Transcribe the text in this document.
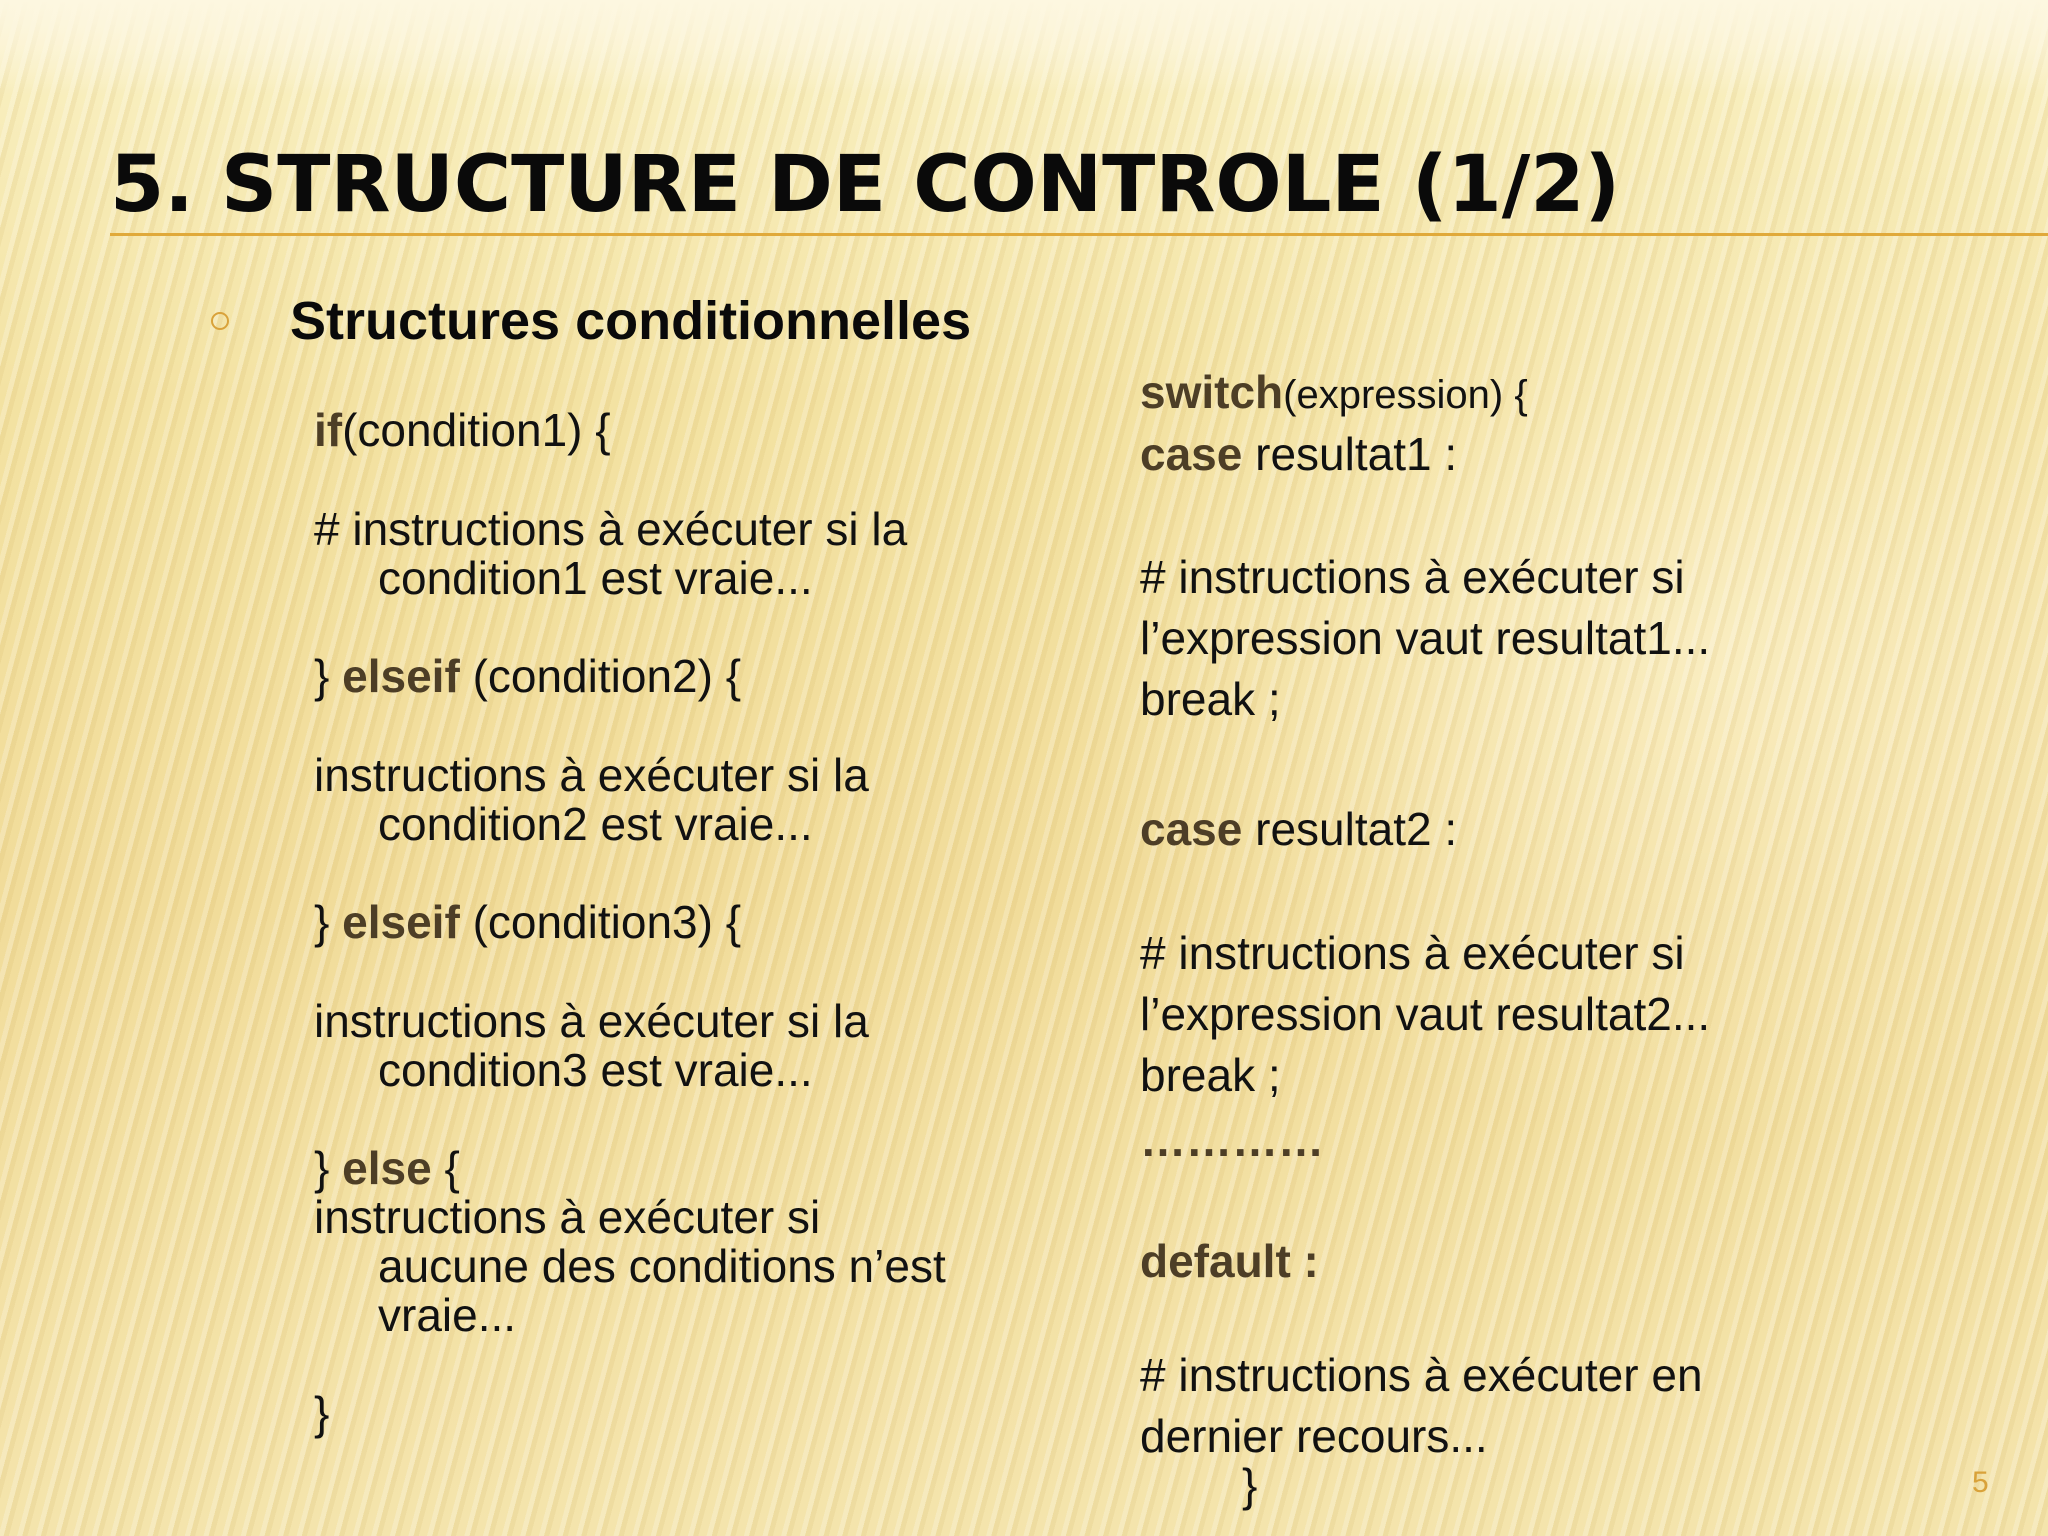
5. STRUCTURE DE CONTROLE (1/2)
Structures conditionnelles
if(condition1) {
# instructions à exécuter si la
condition1 est vraie...
} elseif (condition2) {
instructions à exécuter si la
condition2 est vraie...
} elseif (condition3) {
instructions à exécuter si la
condition3 est vraie...
} else {
instructions à exécuter si
aucune des conditions n’est
vraie...
}
switch(expression) {
case resultat1 :
# instructions à exécuter si
l’expression vaut resultat1...
break ;
case resultat2 :
# instructions à exécuter si
l’expression vaut resultat2...
break ;
…………
default :
# instructions à exécuter en
dernier recours...
}	5
